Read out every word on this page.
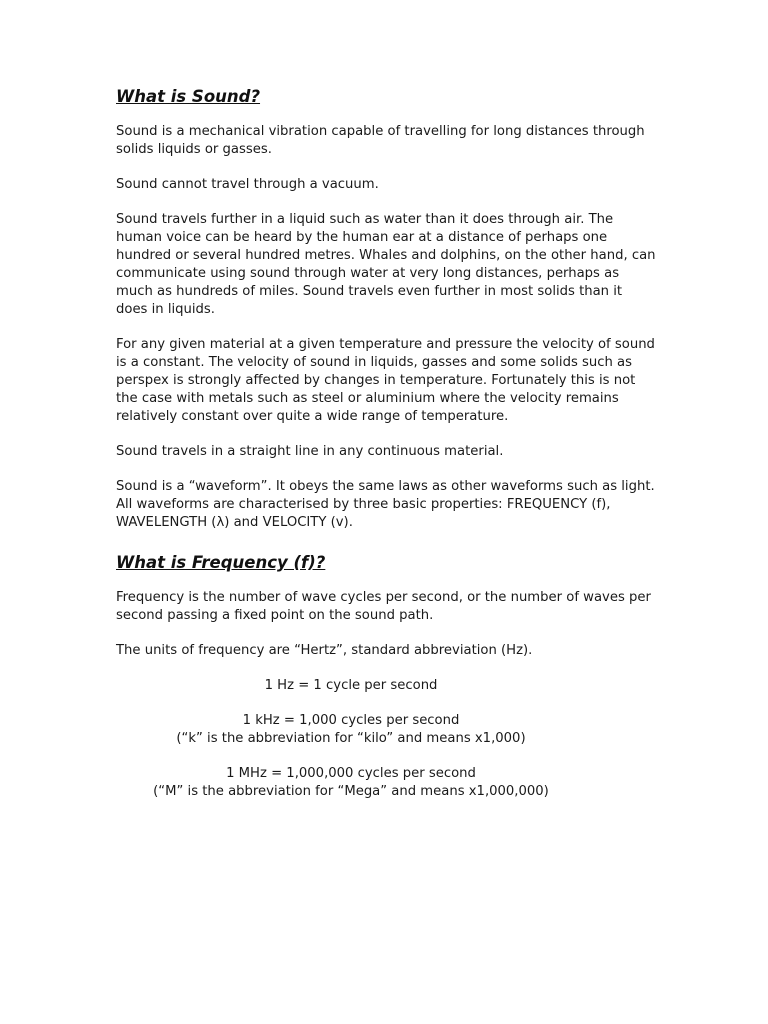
What is Sound?

Sound is a mechanical vibration capable of travelling for long distances through solids liquids or gasses.

Sound cannot travel through a vacuum.

Sound travels further in a liquid such as water than it does through air. The human voice can be heard by the human ear at a distance of perhaps one hundred or several hundred metres. Whales and dolphins, on the other hand, can communicate using sound through water at very long distances, perhaps as much as hundreds of miles. Sound travels even further in most solids than it does in liquids.

For any given material at a given temperature and pressure the velocity of sound is a constant. The velocity of sound in liquids, gasses and some solids such as perspex is strongly affected by changes in temperature. Fortunately this is not the case with metals such as steel or aluminium where the velocity remains relatively constant over quite a wide range of temperature.

Sound travels in a straight line in any continuous material.

Sound is a “waveform”. It obeys the same laws as other waveforms such as light. All waveforms are characterised by three basic properties: FREQUENCY (f), WAVELENGTH (λ) and VELOCITY (v).

What is Frequency (f)?

Frequency is the number of wave cycles per second, or the number of waves per second passing a fixed point on the sound path.

The units of frequency are “Hertz”, standard abbreviation (Hz).

1 Hz = 1 cycle per second

1 kHz = 1,000 cycles per second
(“k” is the abbreviation for “kilo” and means x1,000)

1 MHz = 1,000,000 cycles per second
(“M” is the abbreviation for “Mega” and means x1,000,000)
